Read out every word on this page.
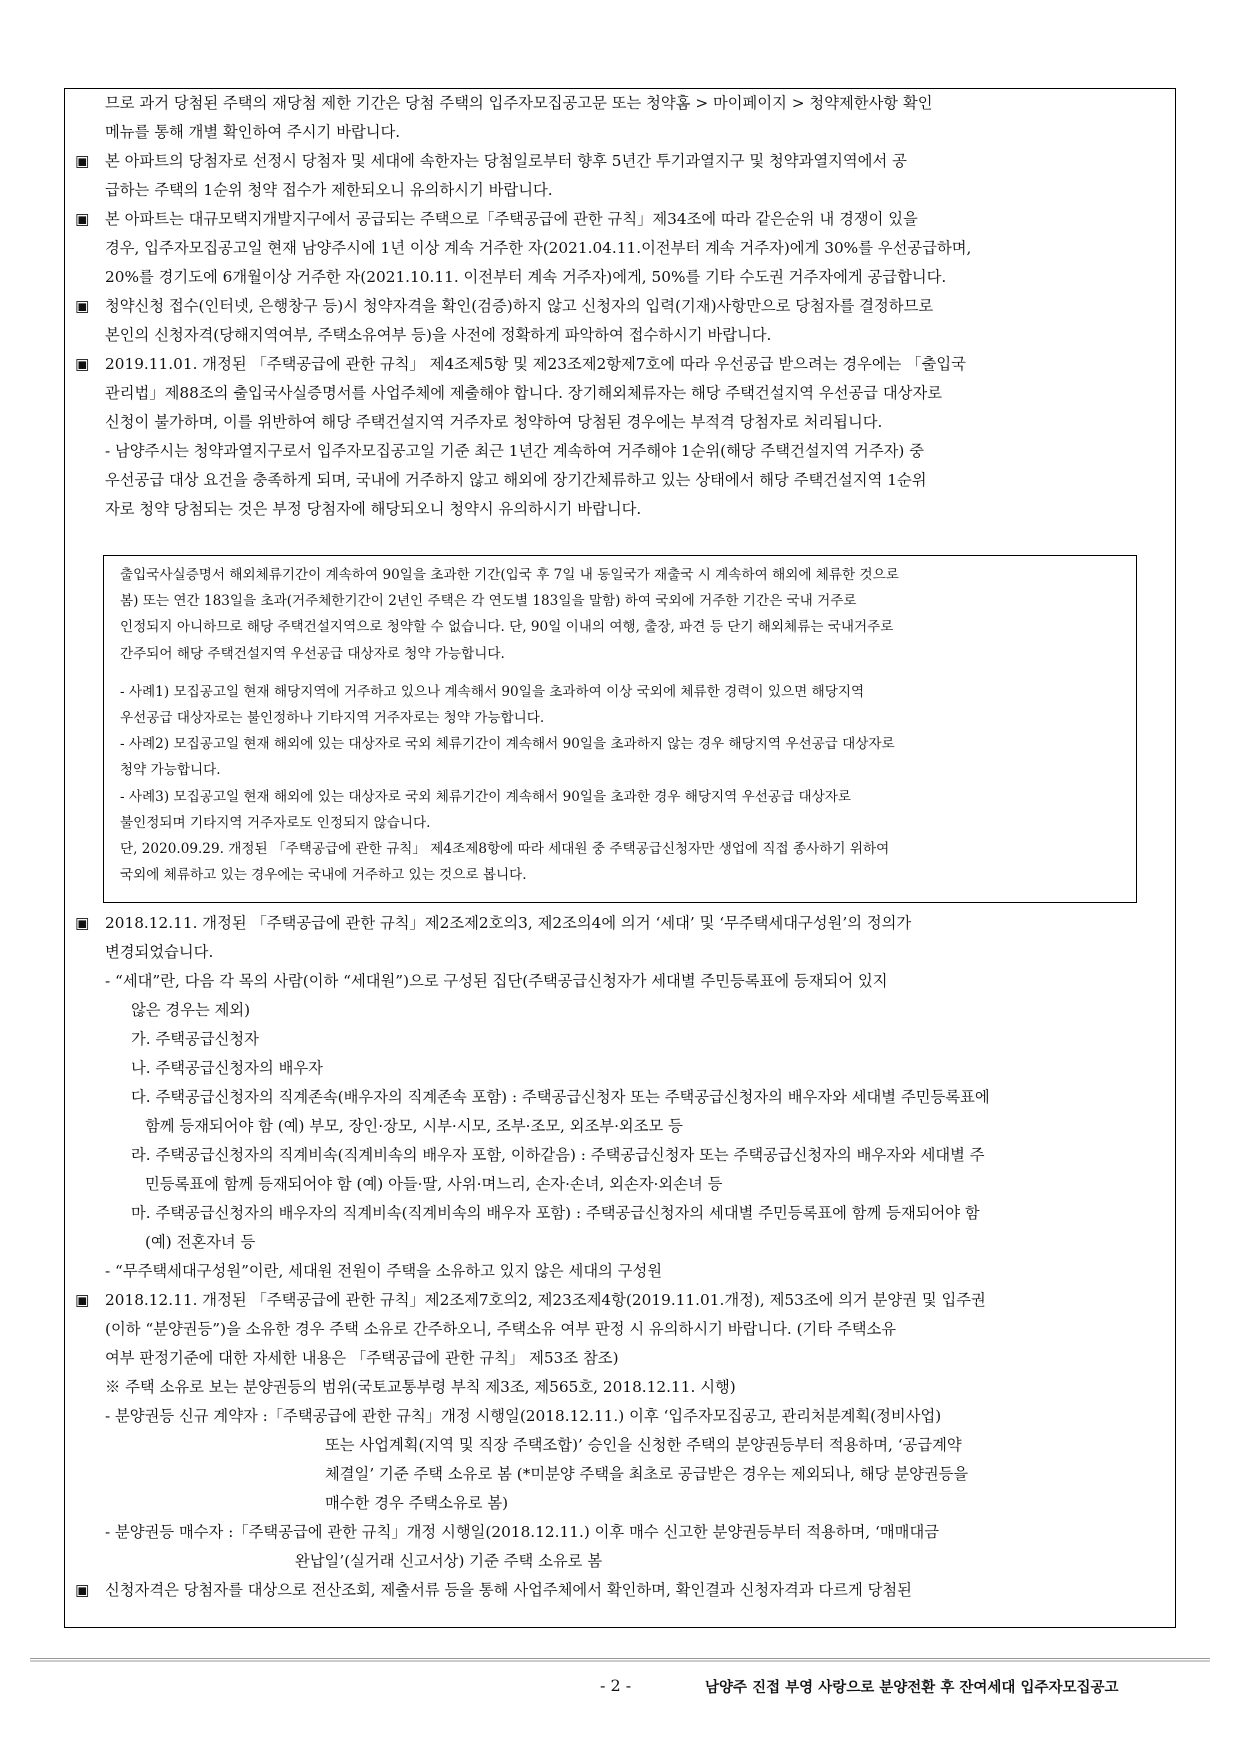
므로 과거 당첨된 주택의 재당첨 제한 기간은 당첨 주택의 입주자모집공고문 또는 청약홈 > 마이페이지 > 청약제한사항 확인
메뉴를 통해 개별 확인하여 주시기 바랍니다.
▣ 본 아파트의 당첨자로 선정시 당첨자 및 세대에 속한자는 당첨일로부터 향후 5년간 투기과열지구 및 청약과열지역에서 공
급하는 주택의 1순위 청약 접수가 제한되오니 유의하시기 바랍니다.
▣ 본 아파트는 대규모택지개발지구에서 공급되는 주택으로「주택공급에 관한 규칙」제34조에 따라 같은순위 내 경쟁이 있을
경우, 입주자모집공고일 현재 남양주시에 1년 이상 계속 거주한 자(2021.04.11.이전부터 계속 거주자)에게 30%를 우선공급하며,
20%를 경기도에 6개월이상 거주한 자(2021.10.11. 이전부터 계속 거주자)에게, 50%를 기타 수도권 거주자에게 공급합니다.
▣ 청약신청 접수(인터넷, 은행창구 등)시 청약자격을 확인(검증)하지 않고 신청자의 입력(기재)사항만으로 당첨자를 결정하므로
본인의 신청자격(당해지역여부, 주택소유여부 등)을 사전에 정확하게 파악하여 접수하시기 바랍니다.
▣ 2019.11.01. 개정된 「주택공급에 관한 규칙」 제4조제5항 및 제23조제2항제7호에 따라 우선공급 받으려는 경우에는 「출입국
관리법」제88조의 출입국사실증명서를 사업주체에 제출해야 합니다. 장기해외체류자는 해당 주택건설지역 우선공급 대상자로
신청이 불가하며, 이를 위반하여 해당 주택건설지역 거주자로 청약하여 당첨된 경우에는 부적격 당첨자로 처리됩니다.
- 남양주시는 청약과열지구로서 입주자모집공고일 기준 최근 1년간 계속하여 거주해야 1순위(해당 주택건설지역 거주자) 중
우선공급 대상 요건을 충족하게 되며, 국내에 거주하지 않고 해외에 장기간체류하고 있는 상태에서 해당 주택건설지역 1순위
자로 청약 당첨되는 것은 부정 당첨자에 해당되오니 청약시 유의하시기 바랍니다.
출입국사실증명서 해외체류기간이 계속하여 90일을 초과한 기간(입국 후 7일 내 동일국가 재출국 시 계속하여 해외에 체류한 것으로
봄) 또는 연간 183일을 초과(거주체한기간이 2년인 주택은 각 연도별 183일을 말함) 하여 국외에 거주한 기간은 국내 거주로
인정되지 아니하므로 해당 주택건설지역으로 청약할 수 없습니다. 단, 90일 이내의 여행, 출장, 파견 등 단기 해외체류는 국내거주로
간주되어 해당 주택건설지역 우선공급 대상자로 청약 가능합니다.
- 사례1) 모집공고일 현재 해당지역에 거주하고 있으나 계속해서 90일을 초과하여 이상 국외에 체류한 경력이 있으면 해당지역
우선공급 대상자로는 불인정하나 기타지역 거주자로는 청약 가능합니다.
- 사례2) 모집공고일 현재 해외에 있는 대상자로 국외 체류기간이 계속해서 90일을 초과하지 않는 경우 해당지역 우선공급 대상자로
청약 가능합니다.
- 사례3) 모집공고일 현재 해외에 있는 대상자로 국외 체류기간이 계속해서 90일을 초과한 경우 해당지역 우선공급 대상자로
불인정되며 기타지역 거주자로도 인정되지 않습니다.
단, 2020.09.29. 개정된 「주택공급에 관한 규칙」 제4조제8항에 따라 세대원 중 주택공급신청자만 생업에 직접 종사하기 위하여
국외에 체류하고 있는 경우에는 국내에 거주하고 있는 것으로 봅니다.
▣ 2018.12.11. 개정된 「주택공급에 관한 규칙」제2조제2호의3, 제2조의4에 의거 ‘세대’ 및 ‘무주택세대구성원’의 정의가
변경되었습니다.
- “세대”란, 다음 각 목의 사람(이하 “세대원”)으로 구성된 집단(주택공급신청자가 세대별 주민등록표에 등재되어 있지
않은 경우는 제외)
가. 주택공급신청자
나. 주택공급신청자의 배우자
다. 주택공급신청자의 직계존속(배우자의 직계존속 포함) : 주택공급신청자 또는 주택공급신청자의 배우자와 세대별 주민등록표에
함께 등재되어야 함 (예) 부모, 장인·장모, 시부·시모, 조부·조모, 외조부·외조모 등
라. 주택공급신청자의 직계비속(직계비속의 배우자 포함, 이하같음) : 주택공급신청자 또는 주택공급신청자의 배우자와 세대별 주
민등록표에 함께 등재되어야 함 (예) 아들·딸, 사위·며느리, 손자·손녀, 외손자·외손녀 등
마. 주택공급신청자의 배우자의 직계비속(직계비속의 배우자 포함) : 주택공급신청자의 세대별 주민등록표에 함께 등재되어야 함
(예) 전혼자녀 등
- “무주택세대구성원”이란, 세대원 전원이 주택을 소유하고 있지 않은 세대의 구성원
▣ 2018.12.11. 개정된 「주택공급에 관한 규칙」제2조제7호의2, 제23조제4항(2019.11.01.개정), 제53조에 의거 분양권 및 입주권
(이하 “분양권등”)을 소유한 경우 주택 소유로 간주하오니, 주택소유 여부 판정 시 유의하시기 바랍니다. (기타 주택소유
여부 판정기준에 대한 자세한 내용은 「주택공급에 관한 규칙」 제53조 참조)
※ 주택 소유로 보는 분양권등의 범위(국토교통부령 부칙 제3조, 제565호, 2018.12.11. 시행)
- 분양권등 신규 계약자 :「주택공급에 관한 규칙」개정 시행일(2018.12.11.) 이후 ‘입주자모집공고, 관리처분계획(정비사업)
또는 사업계획(지역 및 직장 주택조합)’ 승인을 신청한 주택의 분양권등부터 적용하며, ‘공급계약
체결일’ 기준 주택 소유로 봄 (*미분양 주택을 최초로 공급받은 경우는 제외되나, 해당 분양권등을
매수한 경우 주택소유로 봄)
- 분양권등 매수자 :「주택공급에 관한 규칙」개정 시행일(2018.12.11.) 이후 매수 신고한 분양권등부터 적용하며, ‘매매대금
완납일’(실거래 신고서상) 기준 주택 소유로 봄
▣ 신청자격은 당첨자를 대상으로 전산조회, 제출서류 등을 통해 사업주체에서 확인하며, 확인결과 신청자격과 다르게 당첨된
- 2 -	남양주 진접 부영 사랑으로 분양전환 후 잔여세대 입주자모집공고
